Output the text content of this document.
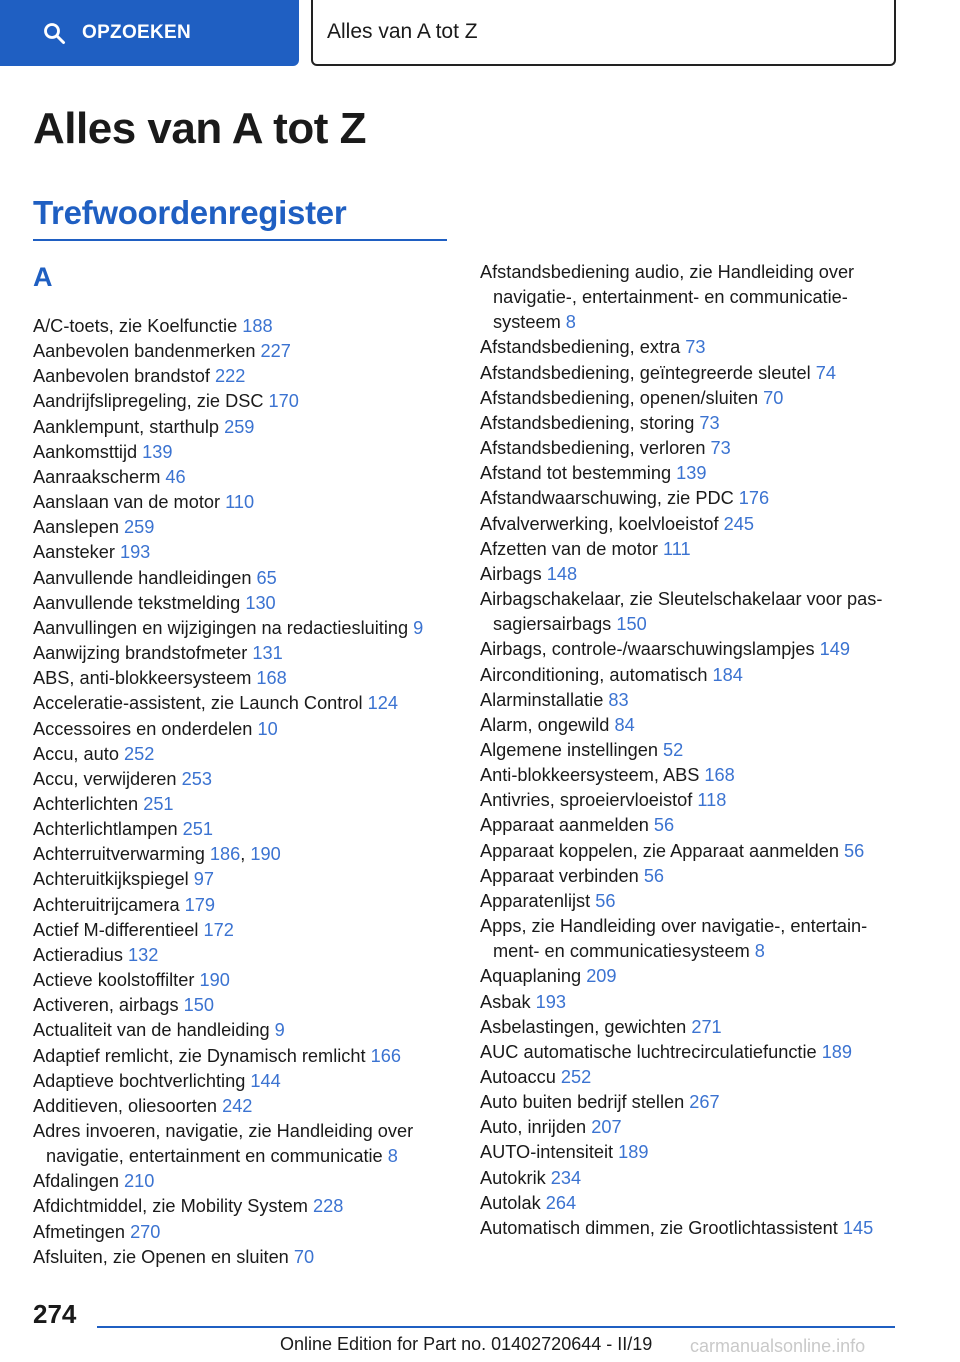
OPZOEKEN	Alles van A tot Z
Alles van A tot Z
Trefwoordenregister
A
A/C-toets, zie Koelfunctie 188
Aanbevolen bandenmerken 227
Aanbevolen brandstof 222
Aandrijfslipregeling, zie DSC 170
Aanklempunt, starthulp 259
Aankomsttijd 139
Aanraakscherm 46
Aanslaan van de motor 110
Aanslepen 259
Aansteker 193
Aanvullende handleidingen 65
Aanvullende tekstmelding 130
Aanvullingen en wijzigingen na redactiesluiting 9
Aanwijzing brandstofmeter 131
ABS, anti-blokkeersysteem 168
Acceleratie-assistent, zie Launch Control 124
Accessoires en onderdelen 10
Accu, auto 252
Accu, verwijderen 253
Achterlichten 251
Achterlichtlampen 251
Achterruitverwarming 186, 190
Achteruitkijkspiegel 97
Achteruitrijcamera 179
Actief M-differentieel 172
Actieradius 132
Actieve koolstoffilter 190
Activeren, airbags 150
Actualiteit van de handleiding 9
Adaptief remlicht, zie Dynamisch remlicht 166
Adaptieve bochtverlichting 144
Additieven, oliesoorten 242
Adres invoeren, navigatie, zie Handleiding over navigatie, entertainment en communicatie 8
Afdalingen 210
Afdichtmiddel, zie Mobility System 228
Afmetingen 270
Afsluiten, zie Openen en sluiten 70
Afstandsbediening audio, zie Handleiding over navigatie-, entertainment- en communicatiesysteem 8
Afstandsbediening, extra 73
Afstandsbediening, geïntegreerde sleutel 74
Afstandsbediening, openen/sluiten 70
Afstandsbediening, storing 73
Afstandsbediening, verloren 73
Afstand tot bestemming 139
Afstandwaarschuwing, zie PDC 176
Afvalverwerking, koelvloeistof 245
Afzetten van de motor 111
Airbags 148
Airbagschakelaar, zie Sleutelschakelaar voor passagiersairbags 150
Airbags, controle-/waarschuwingslampjes 149
Airconditioning, automatisch 184
Alarminstallatie 83
Alarm, ongewild 84
Algemene instellingen 52
Anti-blokkeersysteem, ABS 168
Antivries, sproeiervloeistof 118
Apparaat aanmelden 56
Apparaat koppelen, zie Apparaat aanmelden 56
Apparaat verbinden 56
Apparatenlijst 56
Apps, zie Handleiding over navigatie-, entertainment- en communicatiesysteem 8
Aquaplaning 209
Asbak 193
Asbelastingen, gewichten 271
AUC automatische luchtrecirculatiefunctie 189
Autoaccu 252
Auto buiten bedrijf stellen 267
Auto, inrijden 207
AUTO-intensiteit 189
Autokrik 234
Autolak 264
Automatisch dimmen, zie Grootlichtassistent 145
274
Online Edition for Part no. 01402720644 - II/19 carmanualsonline.info
